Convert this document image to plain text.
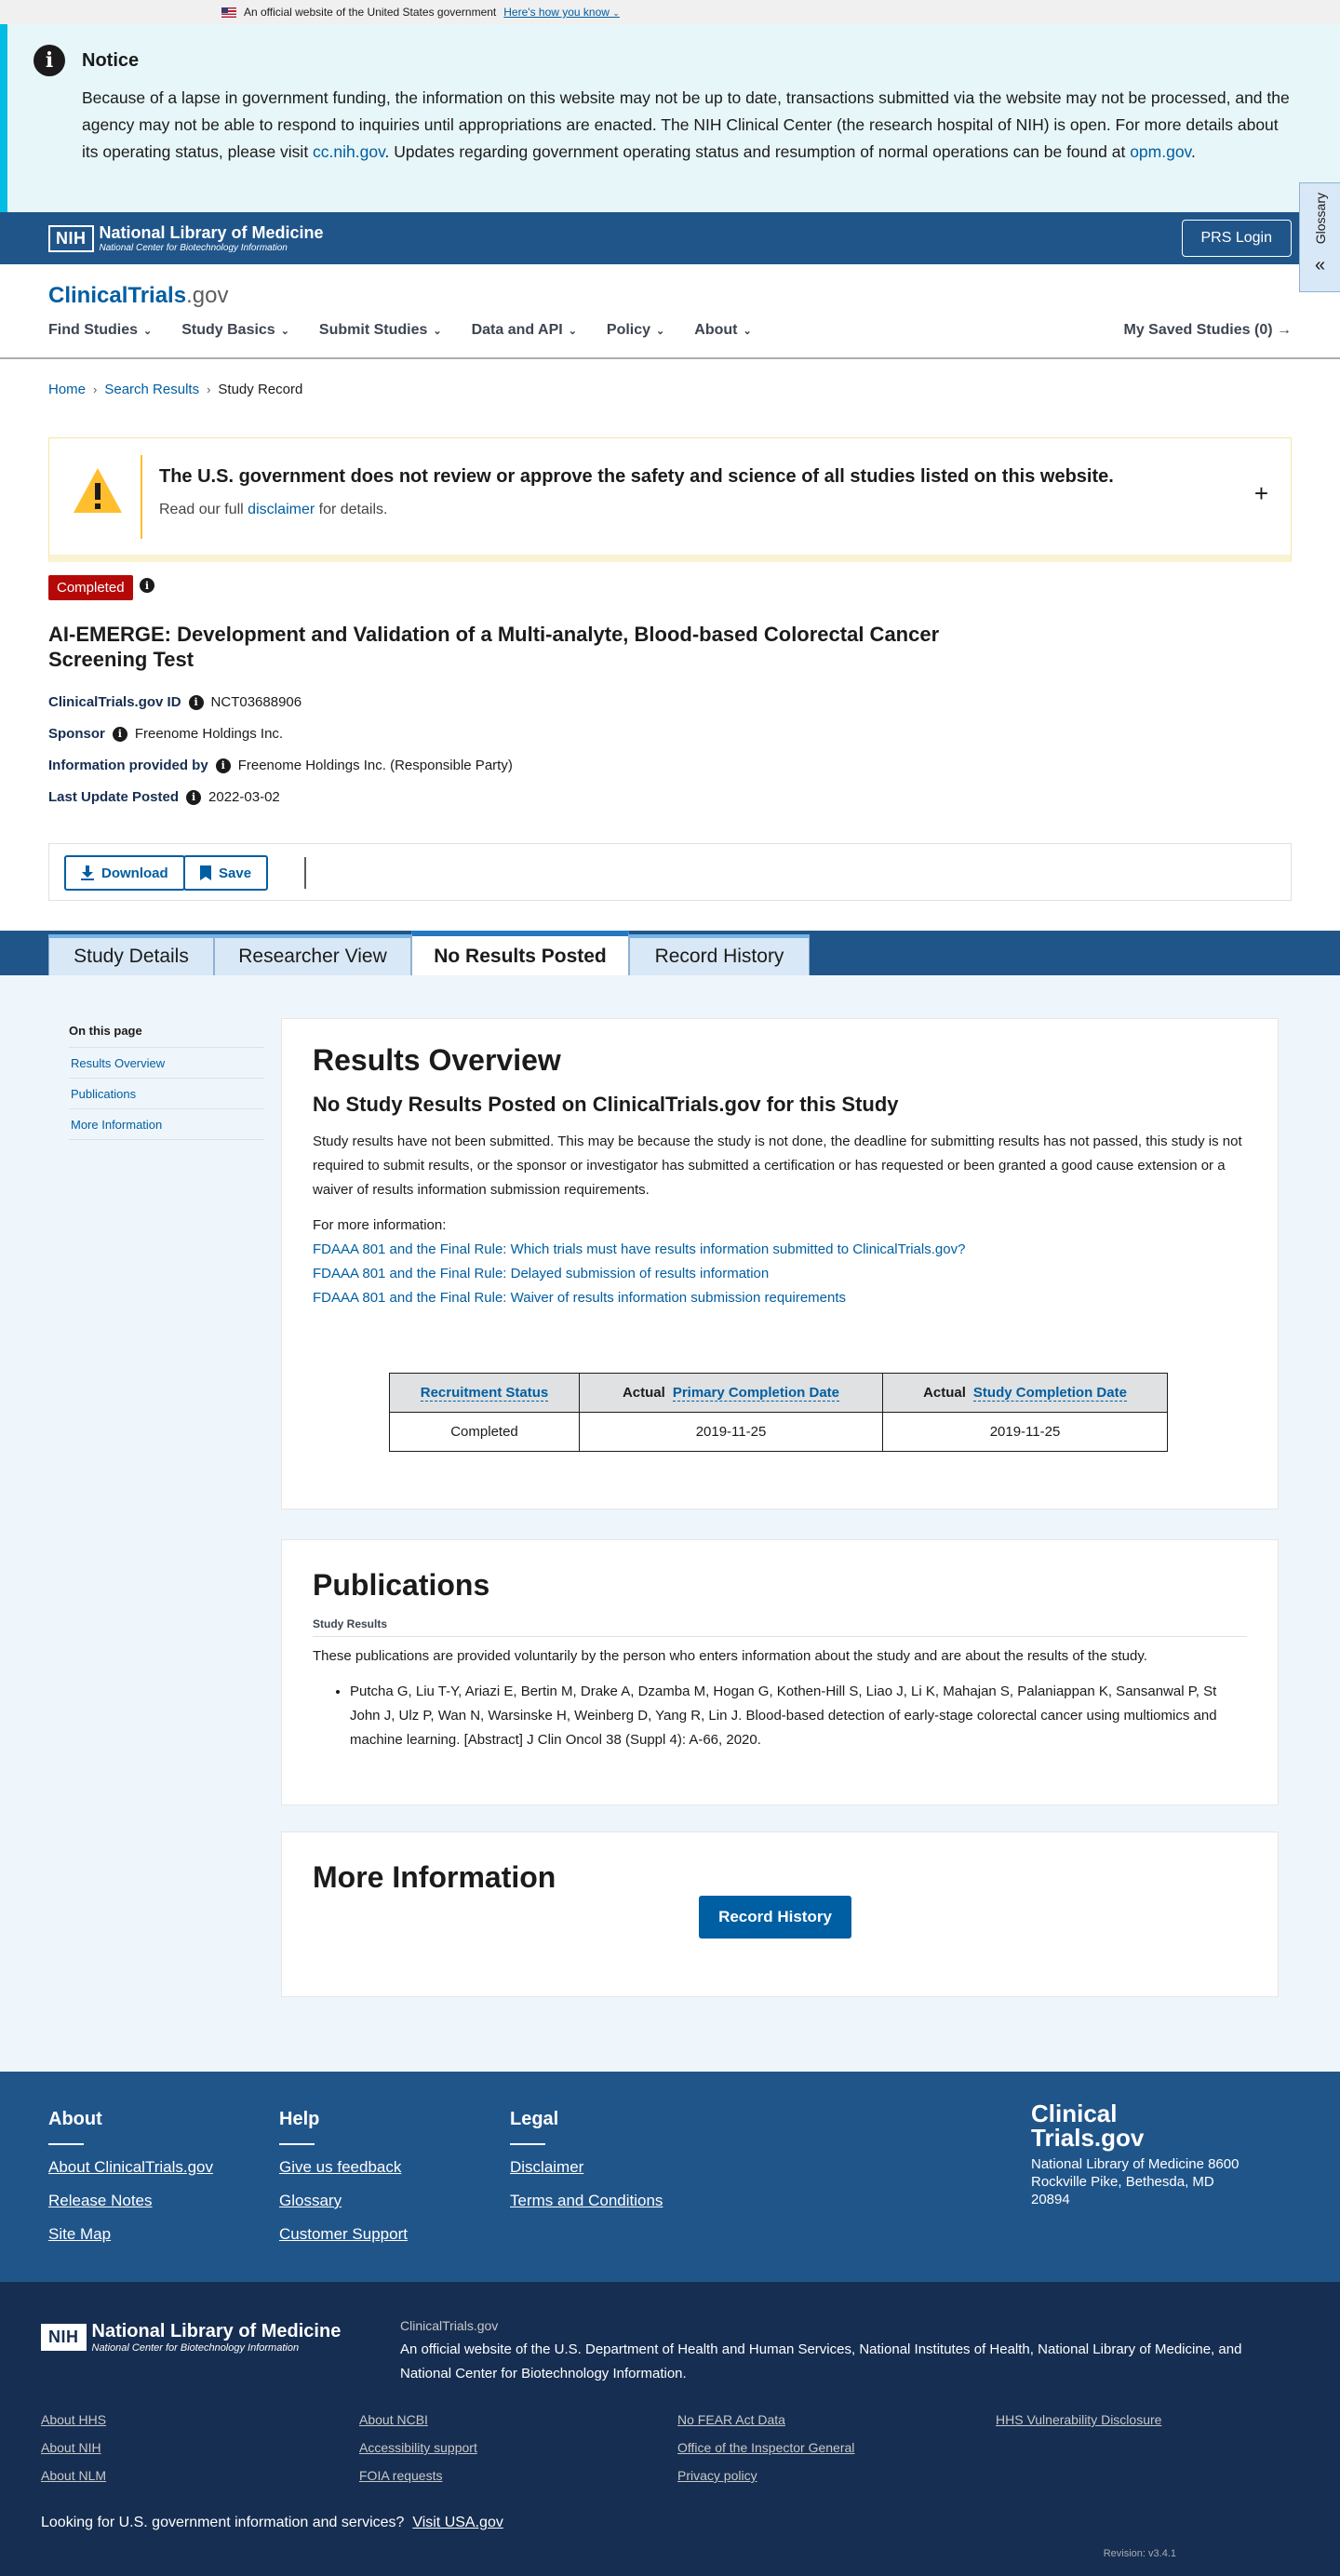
An official website of the United States government Here's how you know ⌄
i	Notice

Because of a lapse in government funding, the information on this website may not be up to date, transactions submitted via the website may not be processed, and the agency may not be able to respond to inquiries until appropriations are enacted. The NIH Clinical Center (the research hospital of NIH) is open. For more details about its operating status, please visit cc.nih.gov. Updates regarding government operating status and resumption of normal operations can be found at opm.gov.

NIH National Library of Medicine
National Center for Biotechnology Information
PRS Login	Glossary
«
ClinicalTrials.gov
Find Studies ⌄ Study Basics ⌄ Submit Studies ⌄ Data and API ⌄ Policy ⌄ About ⌄	My Saved Studies (0) →
Home › Search Results › Study Record
The U.S. government does not review or approve the safety and science of all studies listed on this website.
Read our full disclaimer for details.
+
Completed	i
AI-EMERGE: Development and Validation of a Multi-analyte, Blood-based Colorectal Cancer Screening Test
ClinicalTrials.gov ID	i NCT03688906
Sponsor	i Freenome Holdings Inc.
Information provided by	i Freenome Holdings Inc. (Responsible Party)
Last Update Posted	i 2022-03-02
Download	Save
Study Details	Researcher View	No Results Posted	Record History
On this page
Results Overview
Publications
More Information
Results Overview
No Study Results Posted on ClinicalTrials.gov for this Study

Study results have not been submitted. This may be because the study is not done, the deadline for submitting results has not passed, this study is not required to submit results, or the sponsor or investigator has submitted a certification or has requested or been granted a good cause extension or a waiver of results information submission requirements.

For more information:

FDAAA 801 and the Final Rule: Which trials must have results information submitted to ClinicalTrials.gov?
FDAAA 801 and the Final Rule: Delayed submission of results information
FDAAA 801 and the Final Rule: Waiver of results information submission requirements
Recruitment Status	Actual Primary Completion Date	Actual Study Completion Date
Completed	2019-11-25	2019-11-25
Publications
Study Results

These publications are provided voluntarily by the person who enters information about the study and are about the results of the study.

• Putcha G, Liu T-Y, Ariazi E, Bertin M, Drake A, Dzamba M, Hogan G, Kothen-Hill S, Liao J, Li K, Mahajan S, Palaniappan K, Sansanwal P, St John J, Ulz P, Wan N, Warsinske H, Weinberg D, Yang R, Lin J. Blood-based detection of early-stage colorectal cancer using multiomics and machine learning. [Abstract] J Clin Oncol 38 (Suppl 4): A-66, 2020.
More Information
Record History
About
About ClinicalTrials.gov
Release Notes
Site Map
Help
Give us feedback
Glossary
Customer Support
Legal
Disclaimer
Terms and Conditions
Clinical
Trials.gov
National Library of Medicine 8600 Rockville Pike, Bethesda, MD 20894
NIH National Library of Medicine
National Center for Biotechnology Information
ClinicalTrials.gov
An official website of the U.S. Department of Health and Human Services, National Institutes of Health, National Library of Medicine, and National Center for Biotechnology Information.
About HHS
About NIH
About NLM
About NCBI
Accessibility support
FOIA requests
No FEAR Act Data
Office of the Inspector General
Privacy policy
HHS Vulnerability Disclosure
Looking for U.S. government information and services? Visit USA.gov
Revision: v3.4.1
